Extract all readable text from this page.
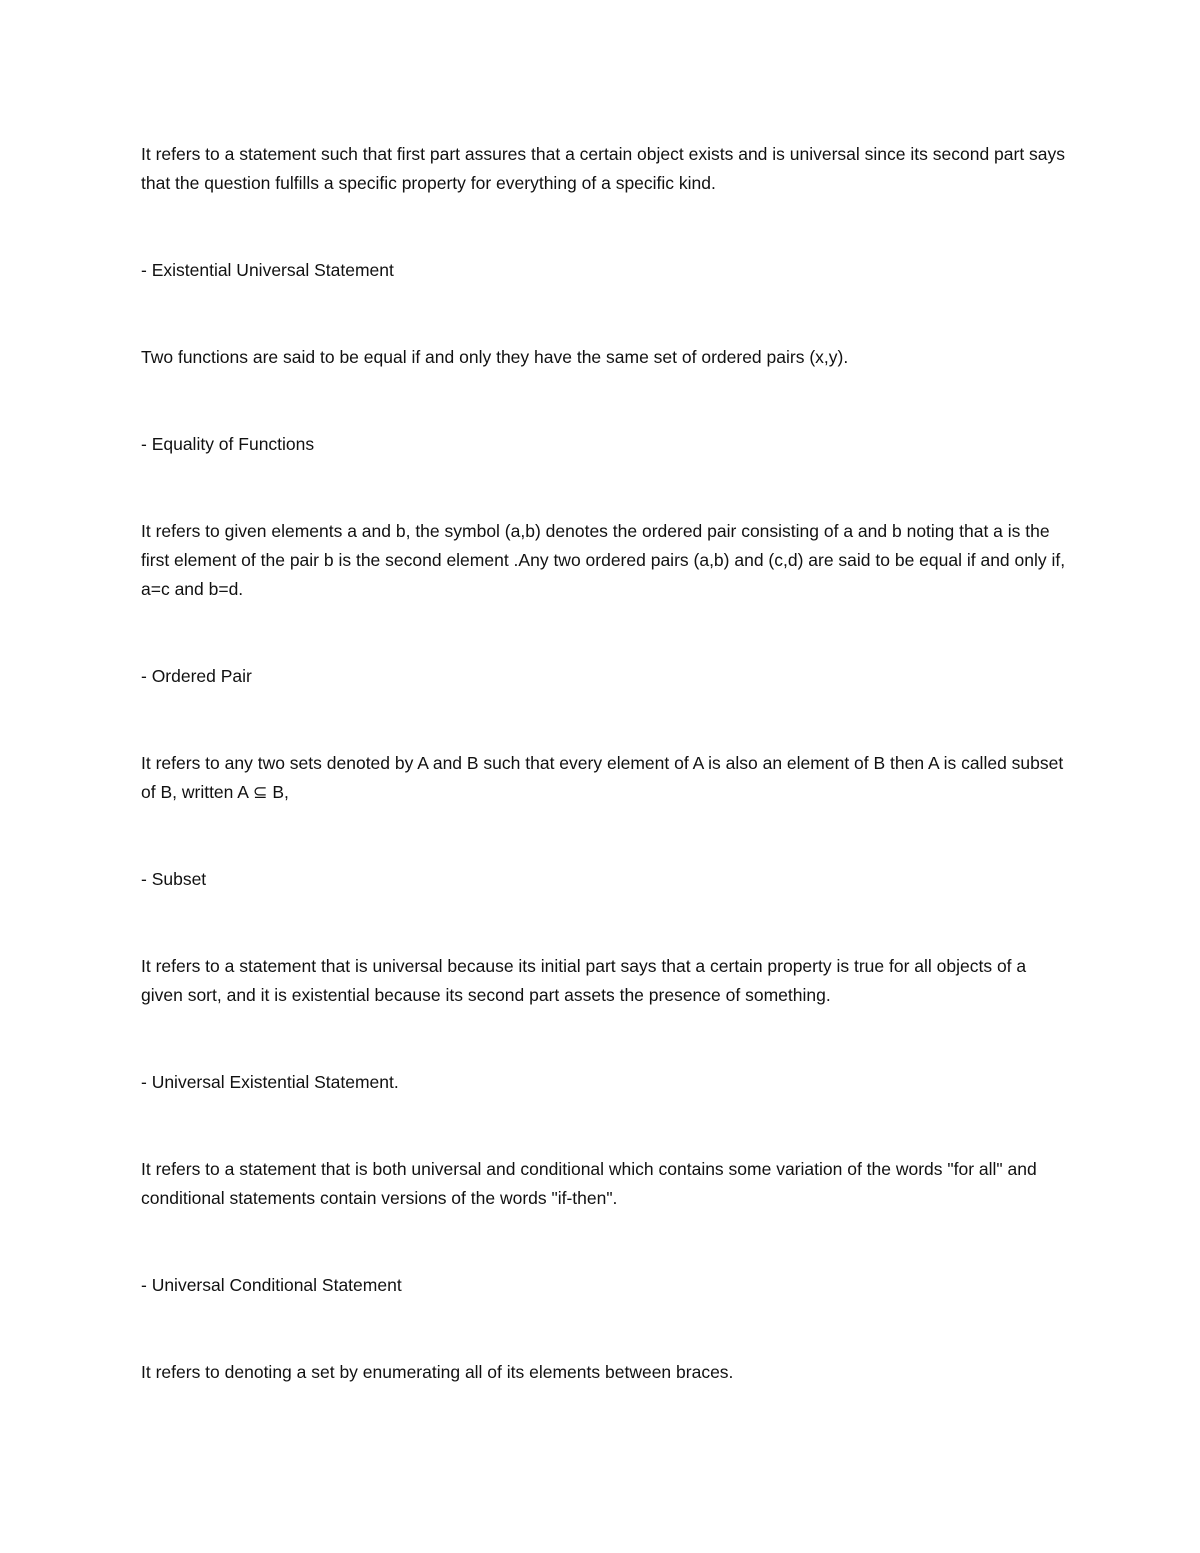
It refers to a statement such that first part assures that a certain object exists and is universal since its second part says that the question fulfills a specific property for everything of a specific kind.

- Existential Universal Statement

Two functions are said to be equal if and only they have the same set of ordered pairs (x,y).

- Equality of Functions

It refers to given elements a and b, the symbol (a,b) denotes the ordered pair consisting of a and b noting that a is the first element of the pair b is the second element .Any two ordered pairs (a,b) and (c,d) are said to be equal if and only if, a=c and b=d.

- Ordered Pair

It refers to any two sets denoted by A and B such that every element of A is also an element of B then A is called subset of B, written A ⊆ B,

- Subset

It refers to a statement that is universal because its initial part says that a certain property is true for all objects of a given sort, and it is existential because its second part assets the presence of something.

- Universal Existential Statement.

It refers to a statement that is both universal and conditional which contains some variation of the words "for all" and conditional statements contain versions of the words "if-then".

- Universal Conditional Statement

It refers to denoting a set by enumerating all of its elements between braces.
